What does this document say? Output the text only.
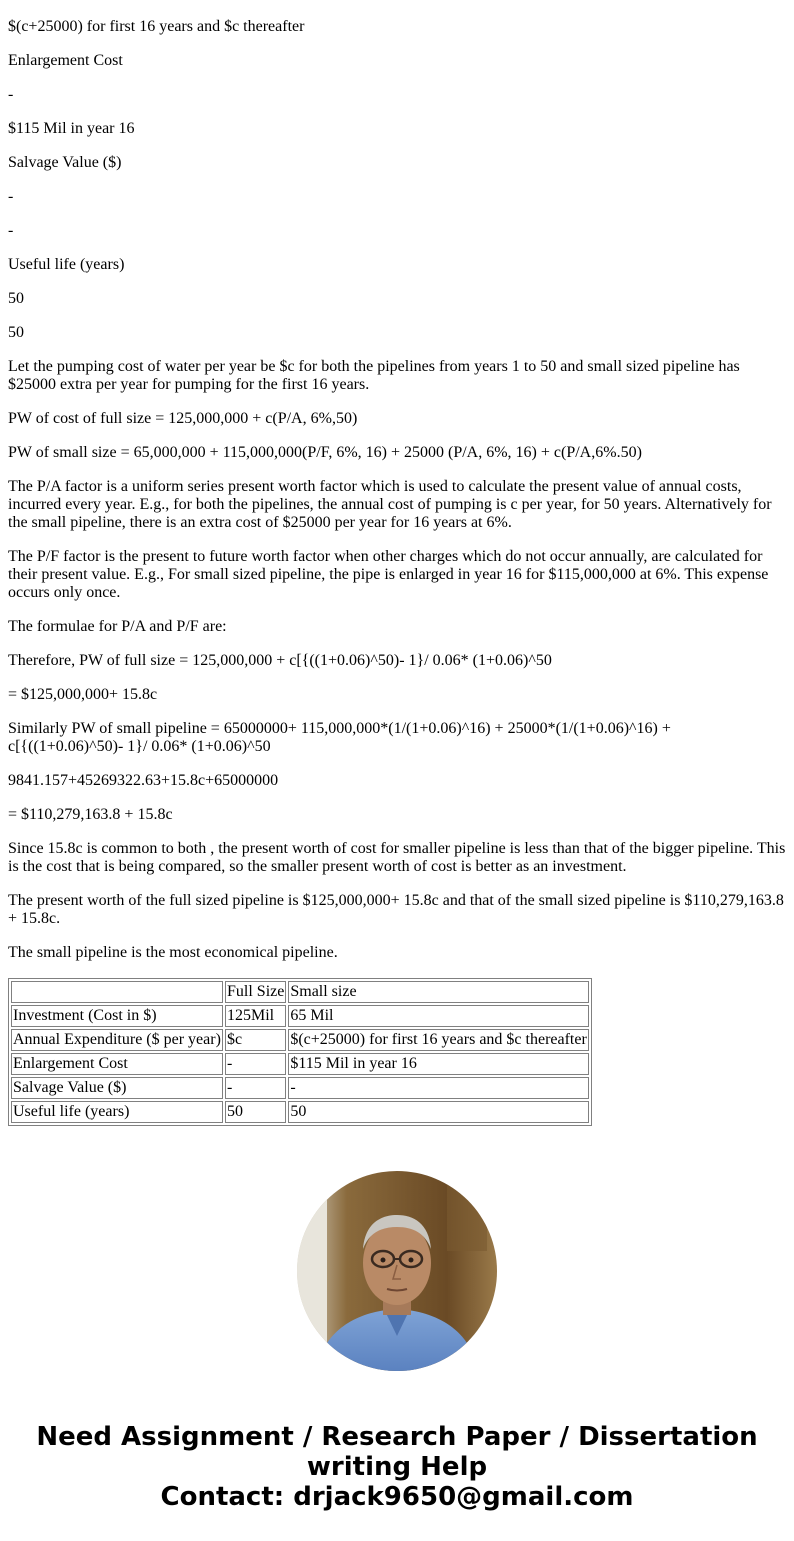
$(c+25000) for first 16 years and $c thereafter

Enlargement Cost

-

$115 Mil in year 16

Salvage Value ($)

-

-

Useful life (years)

50

50

Let the pumping cost of water per year be $c for both the pipelines from years 1 to 50 and small sized pipeline has $25000 extra per year for pumping for the first 16 years.

PW of cost of full size = 125,000,000 + c(P/A, 6%,50)

PW of small size = 65,000,000 + 115,000,000(P/F, 6%, 16) + 25000 (P/A, 6%, 16) + c(P/A,6%.50)

The P/A factor is a uniform series present worth factor which is used to calculate the present value of annual costs, incurred every year. E.g., for both the pipelines, the annual cost of pumping is c per year, for 50 years. Alternatively for the small pipeline, there is an extra cost of $25000 per year for 16 years at 6%.

The P/F factor is the present to future worth factor when other charges which do not occur annually, are calculated for their present value. E.g., For small sized pipeline, the pipe is enlarged in year 16 for $115,000,000 at 6%. This expense occurs only once.

The formulae for P/A and P/F are:

Therefore, PW of full size = 125,000,000 + c[{((1+0.06)^50)- 1}/ 0.06* (1+0.06)^50

= $125,000,000+ 15.8c

Similarly PW of small pipeline = 65000000+ 115,000,000*(1/(1+0.06)^16) + 25000*(1/(1+0.06)^16) + c[{((1+0.06)^50)- 1}/ 0.06* (1+0.06)^50

9841.157+45269322.63+15.8c+65000000

= $110,279,163.8 + 15.8c

Since 15.8c is common to both , the present worth of cost for smaller pipeline is less than that of the bigger pipeline. This is the cost that is being compared, so the smaller present worth of cost is better as an investment.

The present worth of the full sized pipeline is $125,000,000+ 15.8c and that of the small sized pipeline is $110,279,163.8 + 15.8c.

The small pipeline is the most economical pipeline.

	Full Size	Small size
Investment (Cost in $)	125Mil	65 Mil
Annual Expenditure ($ per year)	$c	$(c+25000) for first 16 years and $c thereafter
Enlargement Cost	-	$115 Mil in year 16
Salvage Value ($)	-	-
Useful life (years)	50	50
Need Assignment / Research Paper / Dissertation
writing Help
Contact: drjack9650@gmail.com
